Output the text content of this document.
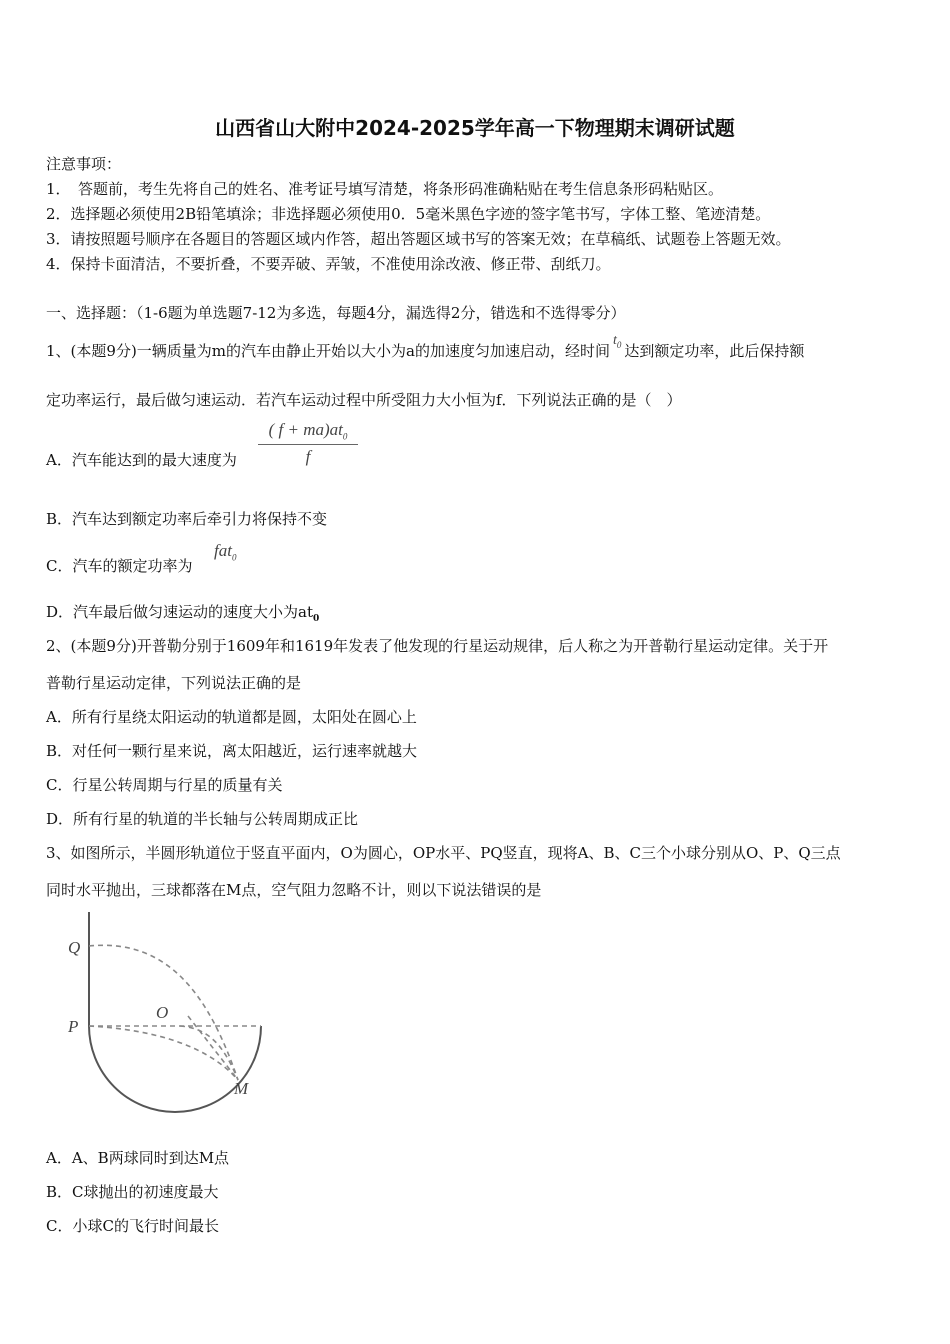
山西省山大附中2024-2025学年高一下物理期末调研试题
注意事项：
1．　答题前，考生先将自己的姓名、准考证号填写清楚，将条形码准确粘贴在考生信息条形码粘贴区。
2．选择题必须使用2B铅笔填涂；非选择题必须使用0．5毫米黑色字迹的签字笔书写，字体工整、笔迹清楚。
3．请按照题号顺序在各题目的答题区域内作答，超出答题区域书写的答案无效；在草稿纸、试题卷上答题无效。
4．保持卡面清洁，不要折叠，不要弄破、弄皱，不准使用涂改液、修正带、刮纸刀。
一、选择题：（1-6题为单选题7-12为多选，每题4分，漏选得2分，错选和不选得零分）
1、(本题9分)一辆质量为m的汽车由静止开始以大小为a的加速度匀加速启动，经时间$t_0$ 达到额定功率，此后保持额
定功率运行，最后做匀速运动．若汽车运动过程中所受阻力大小恒为f．下列说法正确的是（　）
A．汽车能达到的最大速度为 $\frac{( f + ma)at_0}{f}$
B．汽车达到额定功率后牵引力将保持不变
C．汽车的额定功率为
fat$_0$
D．汽车最后做匀速运动的速度大小为$at_0$
2、(本题9分)开普勒分别于1609年和1619年发表了他发现的行星运动规律，后人称之为开普勒行星运动定律。关于开
普勒行星运动定律，下列说法正确的是
A．所有行星绕太阳运动的轨道都是圆，太阳处在圆心上
B．对任何一颗行星来说，离太阳越近，运行速率就越大
C．行星公转周期与行星的质量有关
D．所有行星的轨道的半长轴与公转周期成正比
3、如图所示，半圆形轨道位于竖直平面内，O为圆心，OP水平、PQ竖直，现将A、B、C三个小球分别从O、P、Q三点
同时水平抛出，三球都落在M点，空气阻力忽略不计，则以下说法错误的是
Q
P
O
M
A．A、B两球同时到达M点
B．C球抛出的初速度最大
C．小球C的飞行时间最长
